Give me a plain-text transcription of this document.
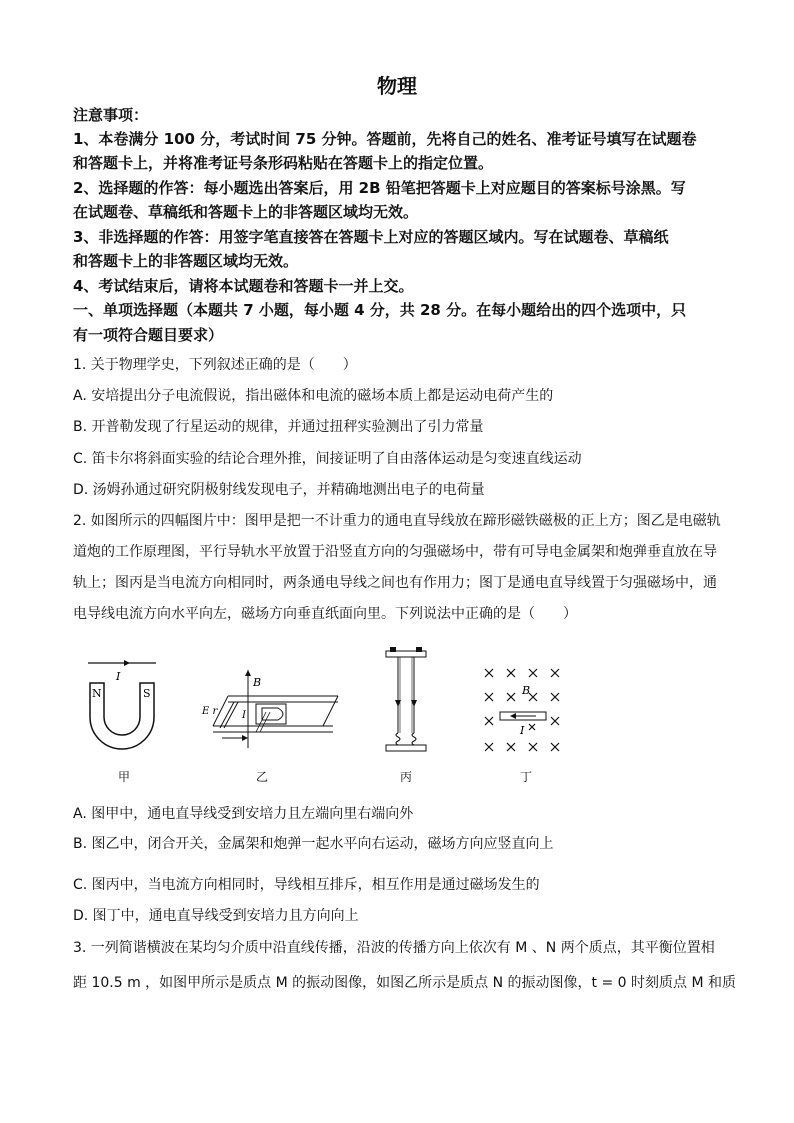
物理
注意事项：
1、本卷满分 100 分，考试时间 75 分钟。答题前，先将自己的姓名、准考证号填写在试题卷
和答题卡上，并将准考证号条形码粘贴在答题卡上的指定位置。
2、选择题的作答：每小题选出答案后，用 2B 铅笔把答题卡上对应题目的答案标号涂黑。写
在试题卷、草稿纸和答题卡上的非答题区域均无效。
3、非选择题的作答：用签字笔直接答在答题卡上对应的答题区域内。写在试题卷、草稿纸
和答题卡上的非答题区域均无效。
4、考试结束后，请将本试题卷和答题卡一并上交。
一、单项选择题（本题共 7 小题，每小题 4 分，共 28 分。在每小题给出的四个选项中，只
有一项符合题目要求）
1. 关于物理学史，下列叙述正确的是（　　）
A. 安培提出分子电流假说，指出磁体和电流的磁场本质上都是运动电荷产生的
B. 开普勒发现了行星运动的规律，并通过扭秤实验测出了引力常量
C. 笛卡尔将斜面实验的结论合理外推，间接证明了自由落体运动是匀变速直线运动
D. 汤姆孙通过研究阴极射线发现电子，并精确地测出电子的电荷量
2. 如图所示的四幅图片中：图甲是把一不计重力的通电直导线放在蹄形磁铁磁极的正上方；图乙是电磁轨
道炮的工作原理图，平行导轨水平放置于沿竖直方向的匀强磁场中，带有可导电金属架和炮弹垂直放在导
轨上；图丙是当电流方向相同时，两条通电导线之间也有作用力；图丁是通电直导线置于匀强磁场中，通
电导线电流方向水平向左，磁场方向垂直纸面向里。下列说法中正确的是（　　）
I
N	S
甲
B
E r I
乙	丙
B
I
丁
A. 图甲中，通电直导线受到安培力且左端向里右端向外
B. 图乙中，闭合开关，金属架和炮弹一起水平向右运动，磁场方向应竖直向上
C. 图丙中，当电流方向相同时，导线相互排斥，相互作用是通过磁场发生的
D. 图丁中，通电直导线受到安培力且方向向上
3. 一列简谐横波在某均匀介质中沿直线传播，沿波的传播方向上依次有 M 、N 两个质点，其平衡位置相
距 10.5 m ，如图甲所示是质点 M 的振动图像，如图乙所示是质点 N 的振动图像，t = 0 时刻质点 M 和质
